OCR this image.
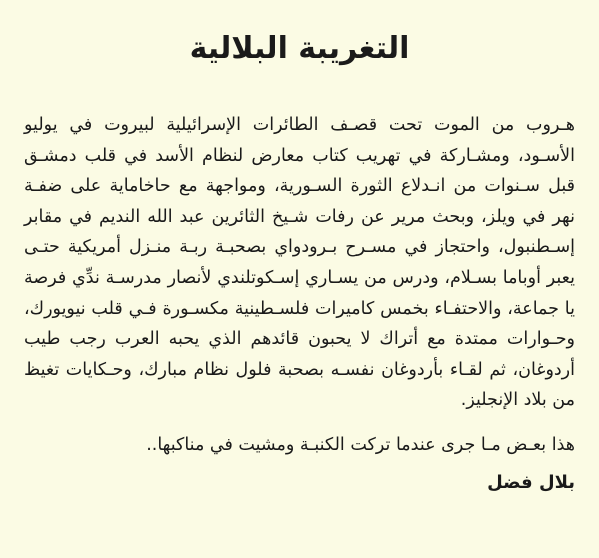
التغريبة البلالية

هـروب من الموت تحت قصـف الطائرات الإسرائيلية لبيروت في يوليو الأسـود، ومشـاركة في تهريب كتاب معارض لنظام الأسد في قلب دمشـق قبل سـنوات من انـدلاع الثورة السـورية، ومواجهة مع حاخاماية على ضفـة نهر في ويلز، وبحث مرير عن رفات شـيخ الثائرين عبد الله النديم في مقابر إسـطنبول، واحتجاز في مسـرح بـرودواي بصحبـة ربـة منـزل أمريكية حتـى يعبر أوباما بسـلام، ودرس من يسـاري إسـكوتلندي لأنصار مدرسـة ندِّي فرصة يا جماعة، والاحتفـاء بخمس كاميرات فلسـطينية مكسـورة فـي قلب نيويورك، وحـوارات ممتدة مع أتراك لا يحبون قائدهم الذي يحبه العرب رجب طيب أردوغان، ثم لقـاء بأردوغان نفسـه بصحبة فلول نظام مبارك، وحـكايات تغيظ من بلاد الإنجليز.

هذا بعـض مـا جرى عندما تركت الكنبـة ومشيت في مناكبها..

بلال فضل
